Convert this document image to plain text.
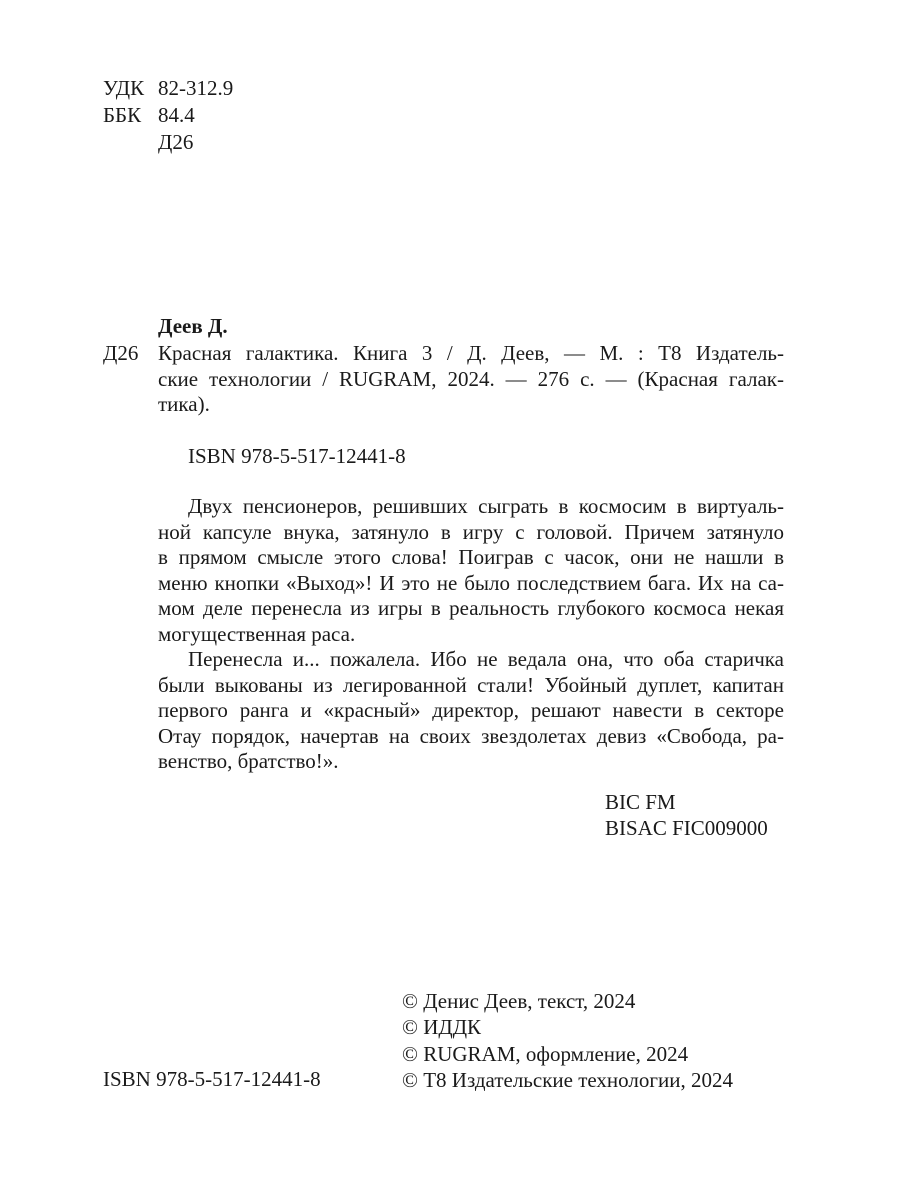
УДК 82-312.9
ББК 84.4
Д26
Деев Д.
Д26 Красная галактика. Книга 3 / Д. Деев, — М. : Т8 Издатель-
ские технологии / RUGRAM, 2024. — 276 с. — (Красная галак-
тика).
ISBN 978-5-517-12441-8
Двух пенсионеров, решивших сыграть в космосим в виртуаль-
ной капсуле внука, затянуло в игру с головой. Причем затянуло
в прямом смысле этого слова! Поиграв с часок, они не нашли в
меню кнопки «Выход»! И это не было последствием бага. Их на са-
мом деле перенесла из игры в реальность глубокого космоса некая
могущественная раса.
Перенесла и... пожалела. Ибо не ведала она, что оба старичка
были выкованы из легированной стали! Убойный дуплет, капитан
первого ранга и «красный» директор, решают навести в секторе
Отау порядок, начертав на своих звездолетах девиз «Свобода, ра-
венство, братство!».
BIC FM
BISAC FIC009000
© Денис Деев, текст, 2024
© ИДДК
© RUGRAM, оформление, 2024
© Т8 Издательские технологии, 2024
ISBN 978-5-517-12441-8
